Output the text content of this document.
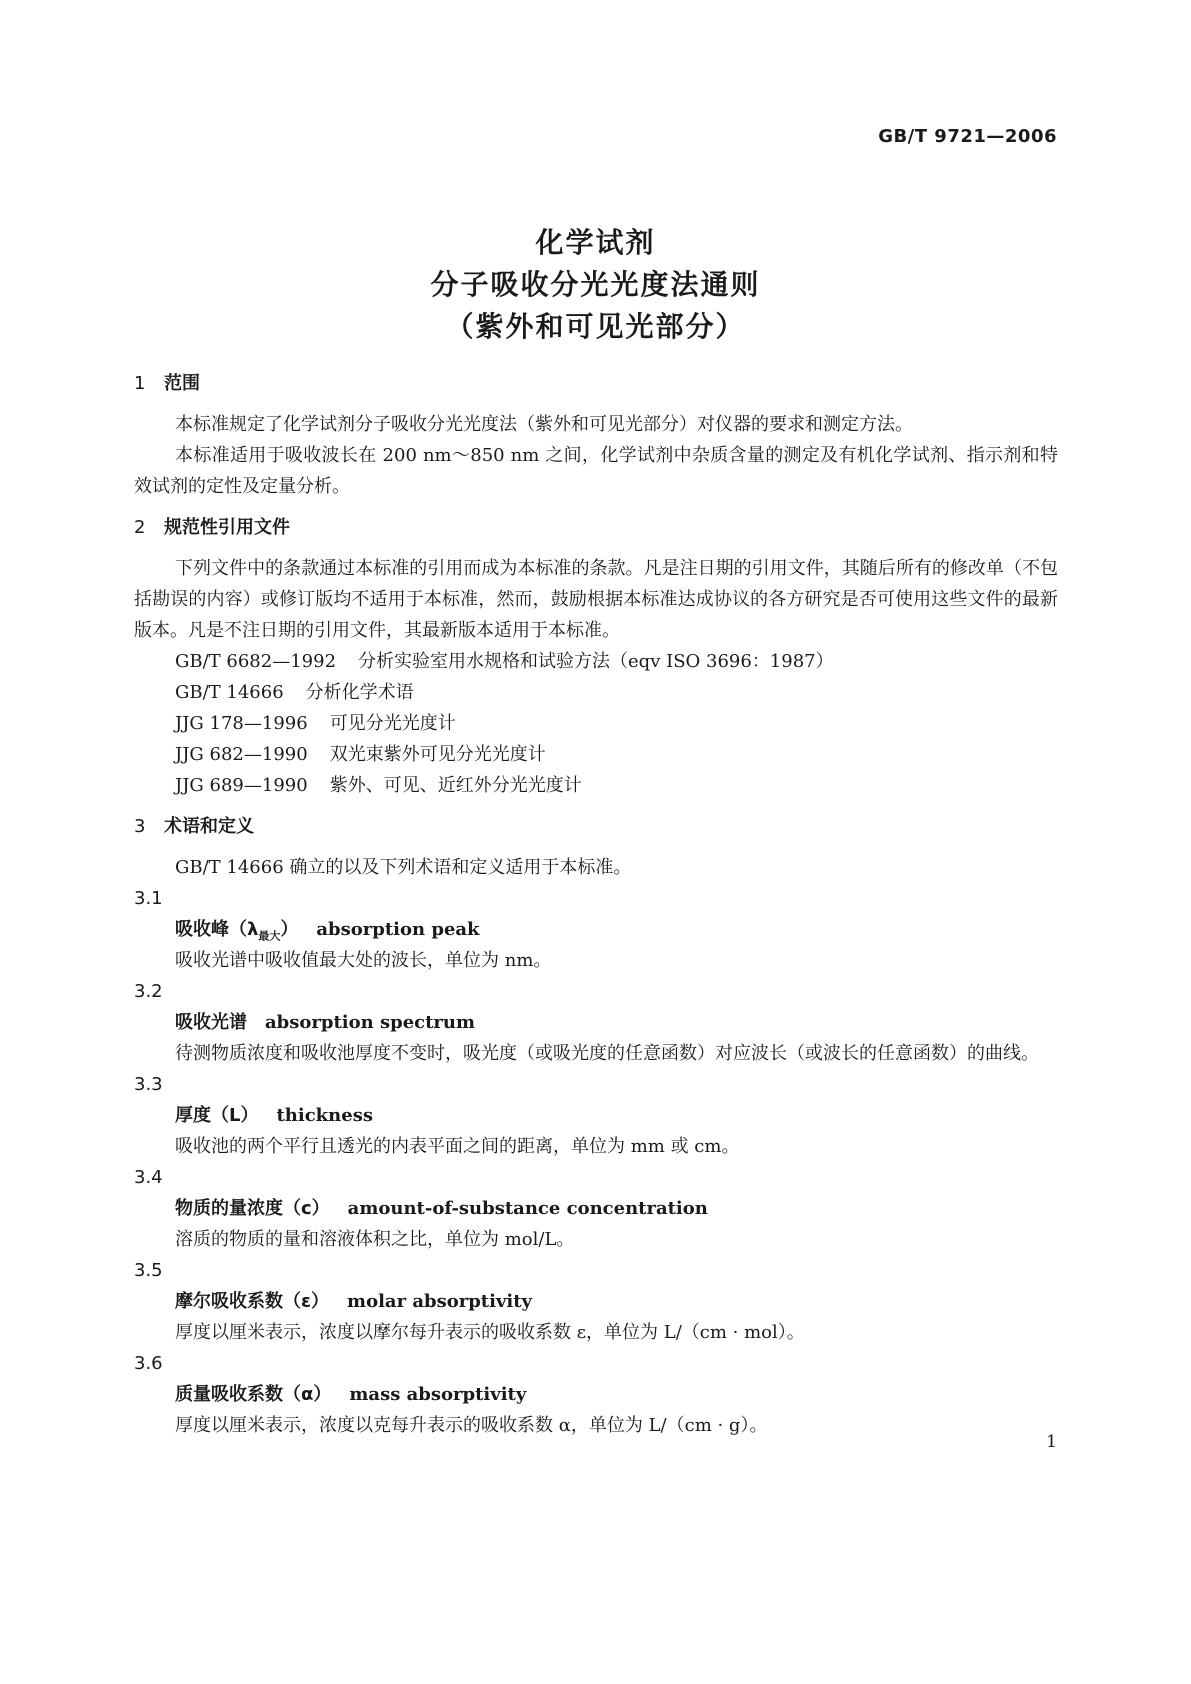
GB/T 9721—2006
化学试剂
分子吸收分光光度法通则
（紫外和可见光部分）
1 范围
本标准规定了化学试剂分子吸收分光光度法（紫外和可见光部分）对仪器的要求和测定方法。
本标准适用于吸收波长在 200 nm～850 nm 之间，化学试剂中杂质含量的测定及有机化学试剂、指示剂和特效试剂的定性及定量分析。
2 规范性引用文件
下列文件中的条款通过本标准的引用而成为本标准的条款。凡是注日期的引用文件，其随后所有的修改单（不包括勘误的内容）或修订版均不适用于本标准，然而，鼓励根据本标准达成协议的各方研究是否可使用这些文件的最新版本。凡是不注日期的引用文件，其最新版本适用于本标准。
GB/T 6682—1992 分析实验室用水规格和试验方法（eqv ISO 3696：1987）
GB/T 14666 分析化学术语
JJG 178—1996 可见分光光度计
JJG 682—1990 双光束紫外可见分光光度计
JJG 689—1990 紫外、可见、近红外分光光度计
3 术语和定义
GB/T 14666 确立的以及下列术语和定义适用于本标准。
3.1
吸收峰$(\lambda_{最大})$ absorption peak
吸收光谱中吸收值最大处的波长，单位为 nm。
3.2
吸收光谱 absorption spectrum
待测物质浓度和吸收池厚度不变时，吸光度（或吸光度的任意函数）对应波长（或波长的任意函数）的曲线。
3.3
厚度（L） thickness
吸收池的两个平行且透光的内表平面之间的距离，单位为 mm 或 cm。
3.4
物质的量浓度（c） amount-of-substance concentration
溶质的物质的量和溶液体积之比，单位为 mol/L。
3.5
摩尔吸收系数（ε） molar absorptivity
厚度以厘米表示，浓度以摩尔每升表示的吸收系数 ε，单位为 L/（cm · mol）。
3.6
质量吸收系数（α） mass absorptivity
厚度以厘米表示，浓度以克每升表示的吸收系数 α，单位为 L/（cm · g）。
1
